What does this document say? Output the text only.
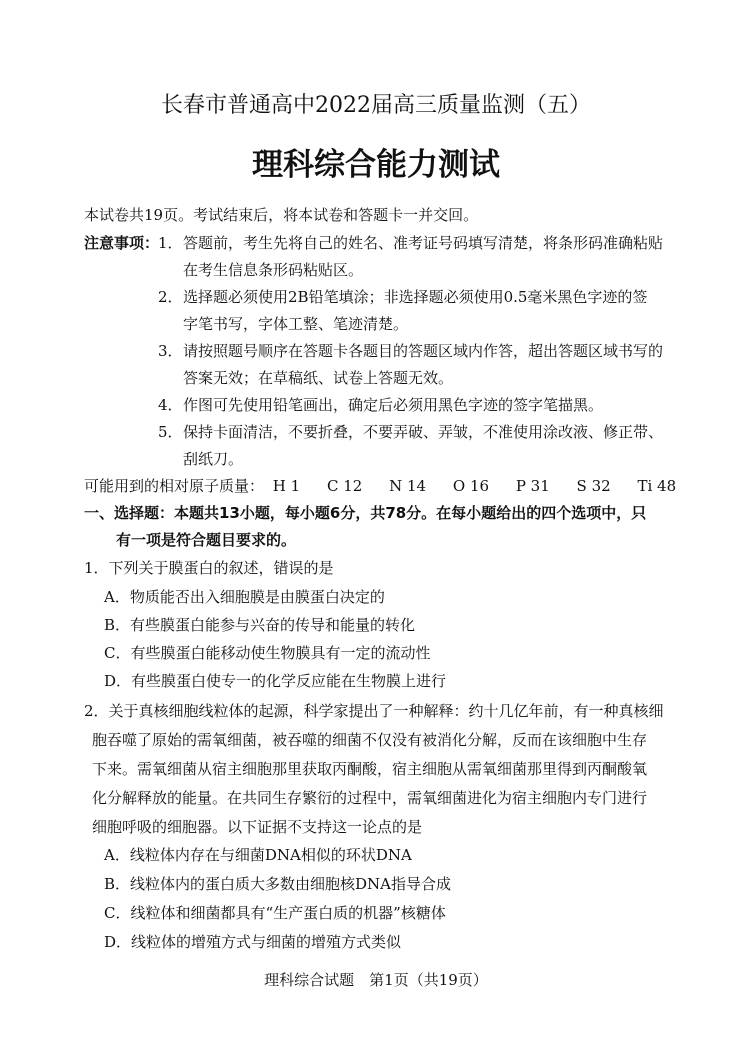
长春市普通高中2022届高三质量监测（五）
理科综合能力测试
本试卷共19页。考试结束后，将本试卷和答题卡一并交回。
注意事项：
1． 答题前，考生先将自己的姓名、准考证号码填写清楚，将条形码准确粘贴
在考生信息条形码粘贴区。
2． 选择题必须使用2B铅笔填涂；非选择题必须使用0.5毫米黑色字迹的签
字笔书写，字体工整、笔迹清楚。
3． 请按照题号顺序在答题卡各题目的答题区域内作答，超出答题区域书写的
答案无效；在草稿纸、试卷上答题无效。
4． 作图可先使用铅笔画出，确定后必须用黑色字迹的签字笔描黑。
5． 保持卡面清洁，不要折叠，不要弄破、弄皱，不准使用涂改液、修正带、
刮纸刀。
可能用到的相对原子质量： H 1 C 12 N 14 O 16 P 31 S 32 Ti 48
一、选择题：本题共13小题，每小题6分，共78分。在每小题给出的四个选项中，只
有一项是符合题目要求的。
1．下列关于膜蛋白的叙述，错误的是
A．物质能否出入细胞膜是由膜蛋白决定的
B．有些膜蛋白能参与兴奋的传导和能量的转化
C．有些膜蛋白能移动使生物膜具有一定的流动性
D．有些膜蛋白使专一的化学反应能在生物膜上进行
2．关于真核细胞线粒体的起源，科学家提出了一种解释：约十几亿年前，有一种真核细
胞吞噬了原始的需氧细菌，被吞噬的细菌不仅没有被消化分解，反而在该细胞中生存
下来。需氧细菌从宿主细胞那里获取丙酮酸，宿主细胞从需氧细菌那里得到丙酮酸氧
化分解释放的能量。在共同生存繁衍的过程中，需氧细菌进化为宿主细胞内专门进行
细胞呼吸的细胞器。以下证据不支持这一论点的是
A．线粒体内存在与细菌DNA相似的环状DNA
B．线粒体内的蛋白质大多数由细胞核DNA指导合成
C．线粒体和细菌都具有“生产蛋白质的机器”核糖体
D．线粒体的增殖方式与细菌的增殖方式类似
理科综合试题　第1页（共19页）
